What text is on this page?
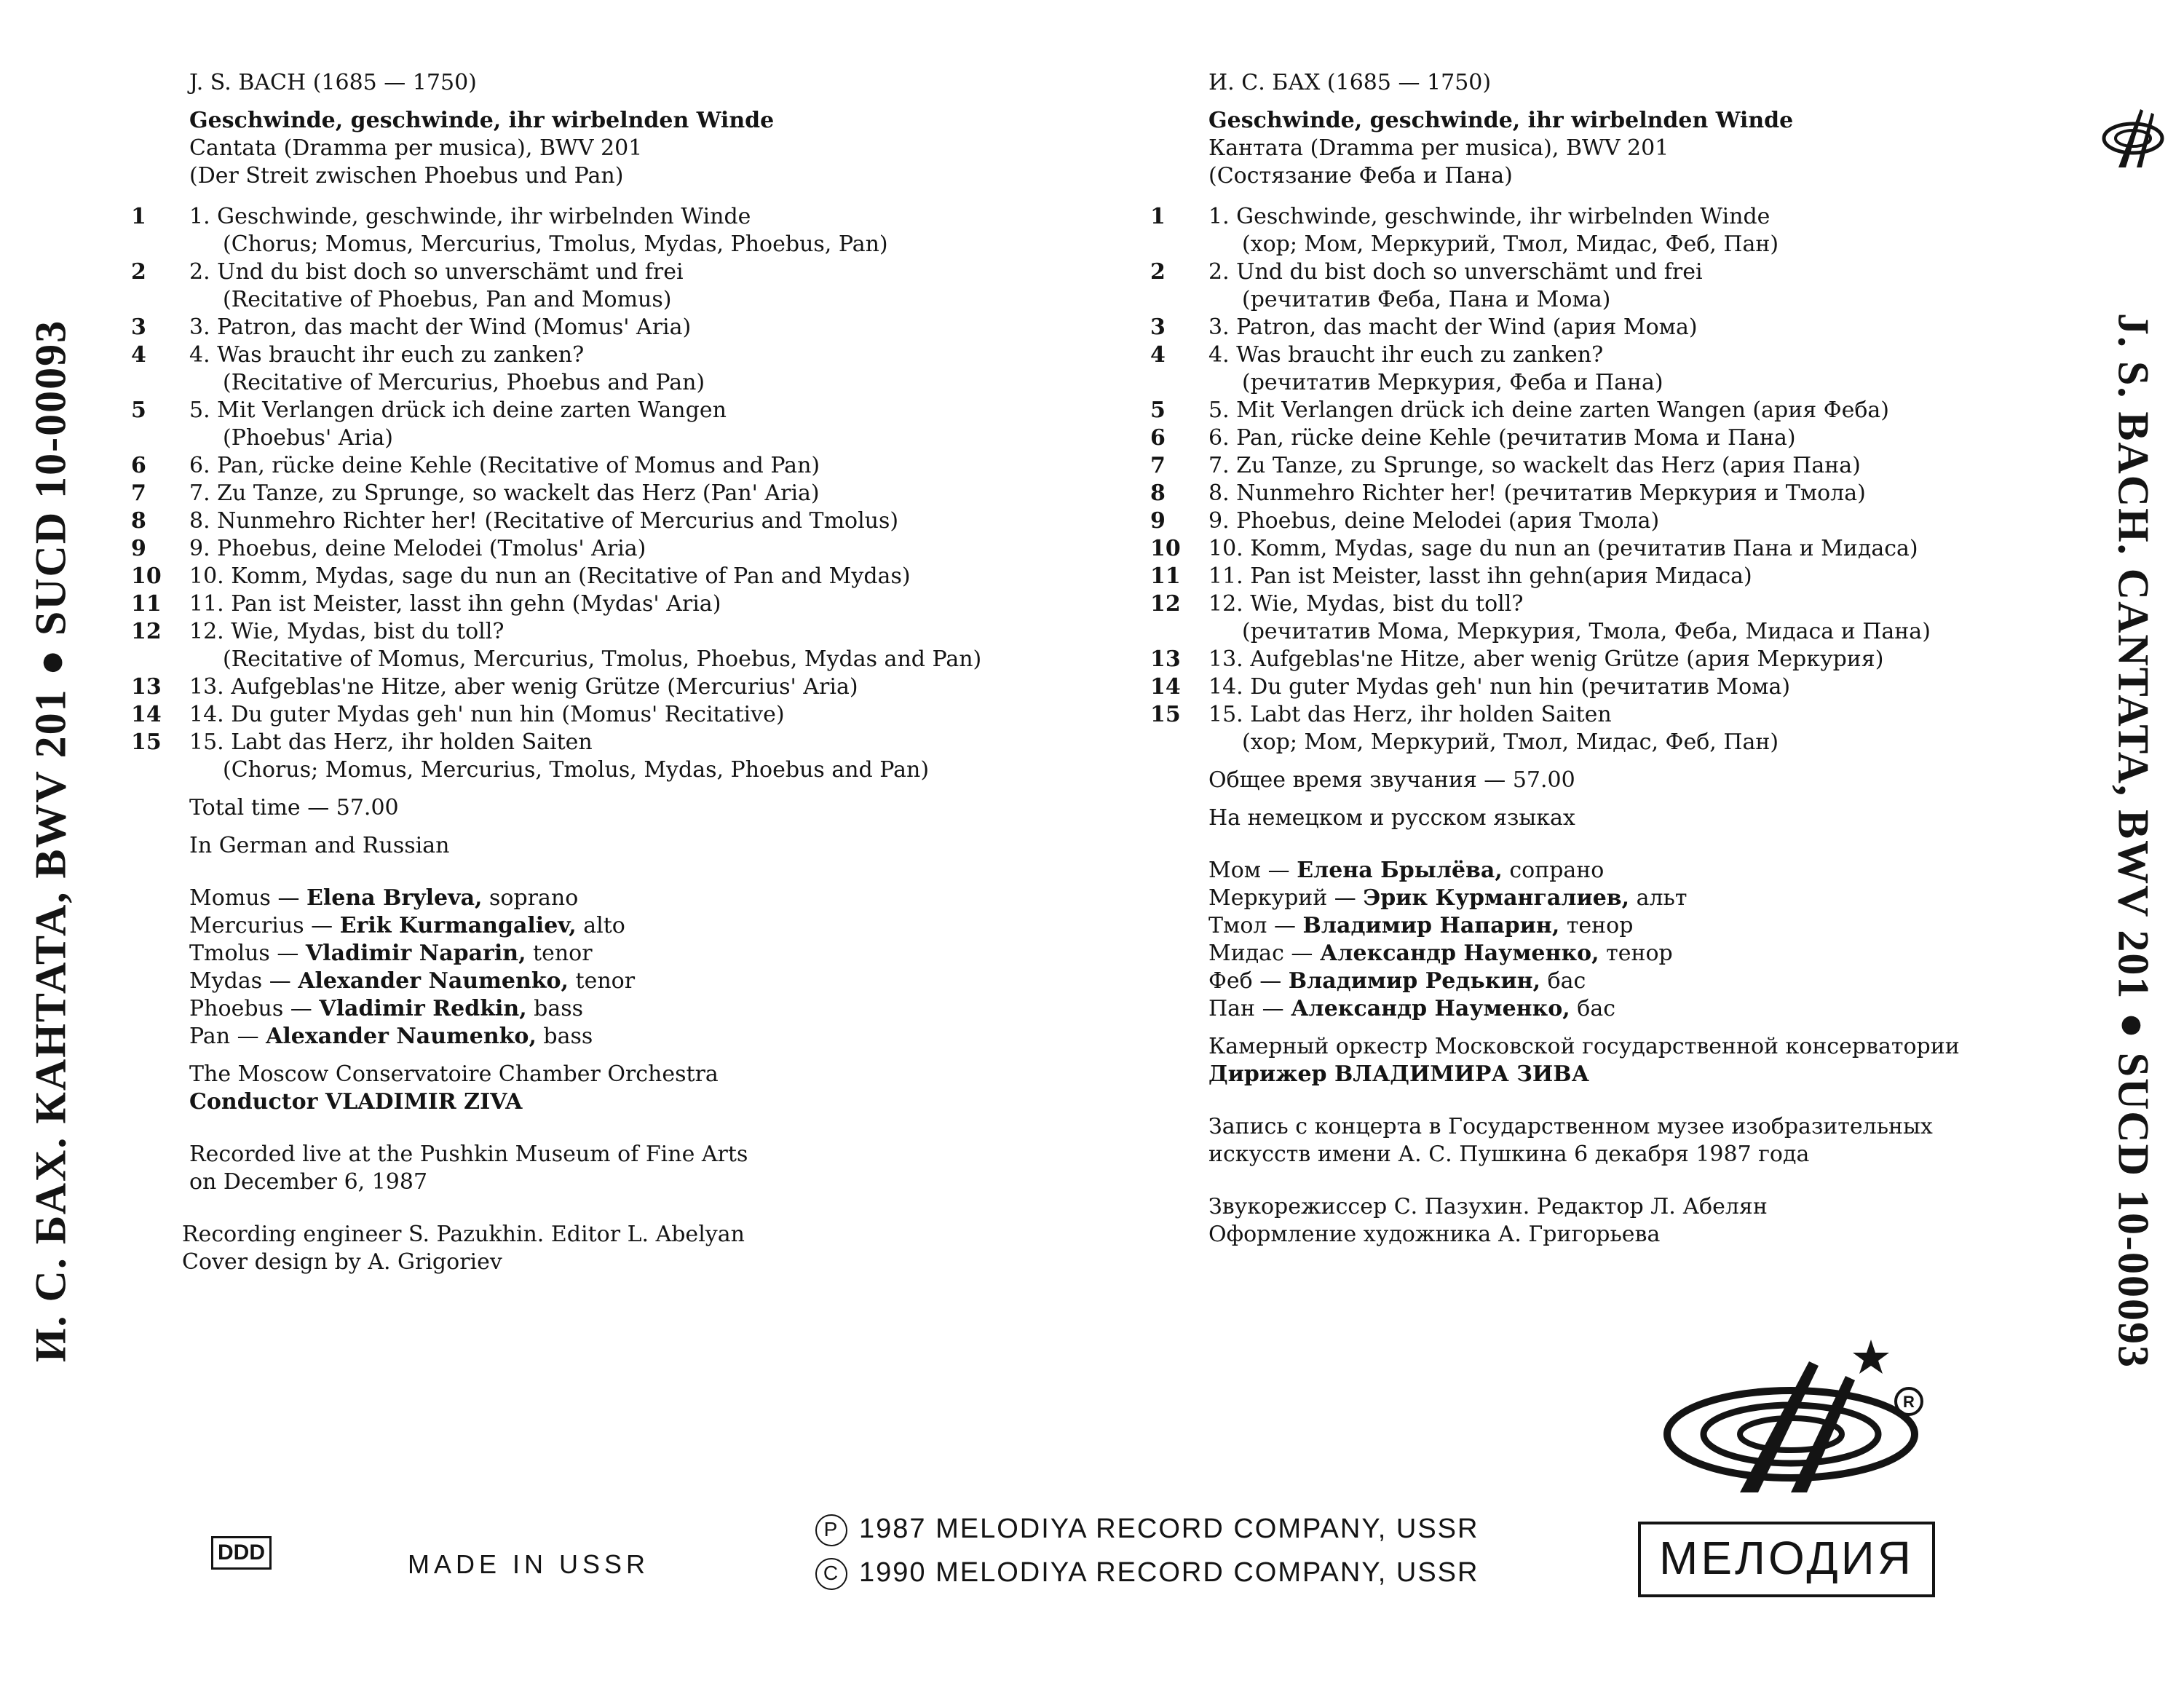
И. С. БАХ. КАНТАТА, BWV 201 ● SUCD 10-00093	J. S. BACH. CANTATA, BWV 201 ● SUCD 10-00093
J. S. BACH (1685 — 1750)
Geschwinde, geschwinde, ihr wirbelnden Winde
Cantata (Dramma per musica), BWV 201
(Der Streit zwischen Phoebus und Pan)
1	1. Geschwinde, geschwinde, ihr wirbelnden Winde
(Chorus; Momus, Mercurius, Tmolus, Mydas, Phoebus, Pan)
2	2. Und du bist doch so unverschämt und frei
(Recitative of Phoebus, Pan and Momus)
3	3. Patron, das macht der Wind (Momus' Aria)
4	4. Was braucht ihr euch zu zanken?
(Recitative of Mercurius, Phoebus and Pan)
5	5. Mit Verlangen drück ich deine zarten Wangen
(Phoebus' Aria)
6	6. Pan, rücke deine Kehle (Recitative of Momus and Pan)
7	7. Zu Tanze, zu Sprunge, so wackelt das Herz (Pan' Aria)
8	8. Nunmehro Richter her! (Recitative of Mercurius and Tmolus)
9	9. Phoebus, deine Melodei (Tmolus' Aria)
10	10. Komm, Mydas, sage du nun an (Recitative of Pan and Mydas)
11	11. Pan ist Meister, lasst ihn gehn (Mydas' Aria)
12	12. Wie, Mydas, bist du toll?
(Recitative of Momus, Mercurius, Tmolus, Phoebus, Mydas and Pan)
13	13. Aufgeblas'ne Hitze, aber wenig Grütze (Mercurius' Aria)
14	14. Du guter Mydas geh' nun hin (Momus' Recitative)
15	15. Labt das Herz, ihr holden Saiten
(Chorus; Momus, Mercurius, Tmolus, Mydas, Phoebus and Pan)
Total time — 57.00
In German and Russian
Momus — Elena Bryleva, soprano
Mercurius — Erik Kurmangaliev, alto
Tmolus — Vladimir Naparin, tenor
Mydas — Alexander Naumenko, tenor
Phoebus — Vladimir Redkin, bass
Pan — Alexander Naumenko, bass
The Moscow Conservatoire Chamber Orchestra
Conductor VLADIMIR ZIVA
Recorded live at the Pushkin Museum of Fine Arts
on December 6, 1987
Recording engineer S. Pazukhin. Editor L. Abelyan
Cover design by A. Grigoriev
И. С. БАХ (1685 — 1750)
Geschwinde, geschwinde, ihr wirbelnden Winde
Кантата (Dramma per musica), BWV 201
(Состязание Феба и Пана)
1	1. Geschwinde, geschwinde, ihr wirbelnden Winde
(хор; Мом, Меркурий, Тмол, Мидас, Феб, Пан)
2	2. Und du bist doch so unverschämt und frei
(речитатив Феба, Пана и Мома)
3	3. Patron, das macht der Wind (ария Мома)
4	4. Was braucht ihr euch zu zanken?
(речитатив Меркурия, Феба и Пана)
5	5. Mit Verlangen drück ich deine zarten Wangen (ария Феба)
6	6. Pan, rücke deine Kehle (речитатив Мома и Пана)
7	7. Zu Tanze, zu Sprunge, so wackelt das Herz (ария Пана)
8	8. Nunmehro Richter her! (речитатив Меркурия и Тмола)
9	9. Phoebus, deine Melodei (ария Тмола)
10	10. Komm, Mydas, sage du nun an (речитатив Пана и Мидаса)
11	11. Pan ist Meister, lasst ihn gehn(ария Мидаса)
12	12. Wie, Mydas, bist du toll?
(речитатив Мома, Меркурия, Тмола, Феба, Мидаса и Пана)
13	13. Aufgeblas'ne Hitze, aber wenig Grütze (ария Меркурия)
14	14. Du guter Mydas geh' nun hin (речитатив Мома)
15	15. Labt das Herz, ihr holden Saiten
(хор; Мом, Меркурий, Тмол, Мидас, Феб, Пан)
Общее время звучания — 57.00
На немецком и русском языках
Мом — Елена Брылёва, сопрано
Меркурий — Эрик Курмангалиев, альт
Тмол — Владимир Напарин, тенор
Мидас — Александр Науменко, тенор
Феб — Владимир Редькин, бас
Пан — Александр Науменко, бас
Камерный оркестр Московской государственной консерватории
Дирижер ВЛАДИМИРА ЗИВА
Запись с концерта в Государственном музее изобразительных
искусств имени А. С. Пушкина 6 декабря 1987 года
Звукорежиссер С. Пазухин. Редактор Л. Абелян
Оформление художника А. Григорьева
DDD	MADE IN USSR
P 1987 MELODIYA RECORD COMPANY, USSR
C 1990 MELODIYA RECORD COMPANY, USSR
R
МЕЛОДИЯ
